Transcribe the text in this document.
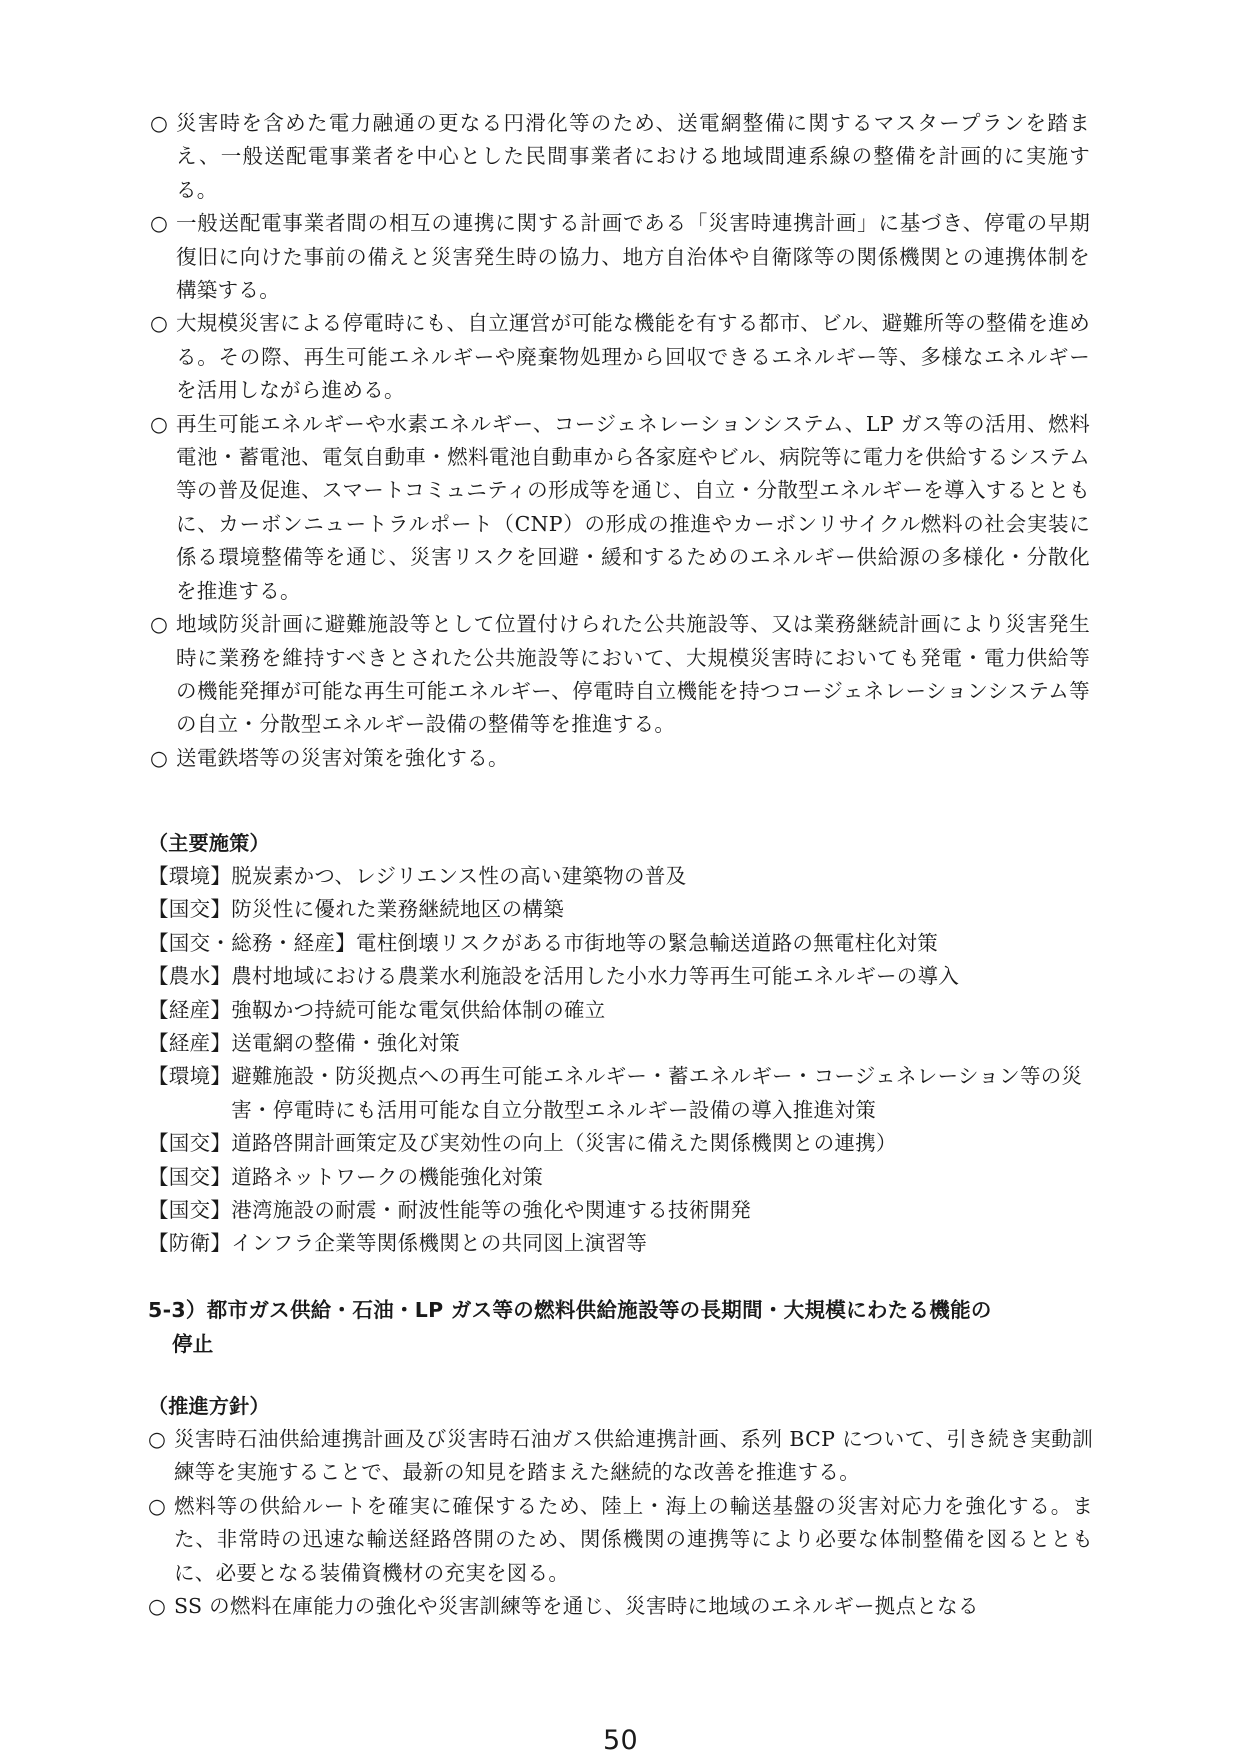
○ 災害時を含めた電力融通の更なる円滑化等のため、送電網整備に関するマスタープランを踏まえ、一般送配電事業者を中心とした民間事業者における地域間連系線の整備を計画的に実施する。

○ 一般送配電事業者間の相互の連携に関する計画である「災害時連携計画」に基づき、停電の早期復旧に向けた事前の備えと災害発生時の協力、地方自治体や自衛隊等の関係機関との連携体制を構築する。

○ 大規模災害による停電時にも、自立運営が可能な機能を有する都市、ビル、避難所等の整備を進める。その際、再生可能エネルギーや廃棄物処理から回収できるエネルギー等、多様なエネルギーを活用しながら進める。

○ 再生可能エネルギーや水素エネルギー、コージェネレーションシステム、LP ガス等の活用、燃料電池・蓄電池、電気自動車・燃料電池自動車から各家庭やビル、病院等に電力を供給するシステム等の普及促進、スマートコミュニティの形成等を通じ、自立・分散型エネルギーを導入するとともに、カーボンニュートラルポート（CNP）の形成の推進やカーボンリサイクル燃料の社会実装に係る環境整備等を通じ、災害リスクを回避・緩和するためのエネルギー供給源の多様化・分散化を推進する。

○ 地域防災計画に避難施設等として位置付けられた公共施設等、又は業務継続計画により災害発生時に業務を維持すべきとされた公共施設等において、大規模災害時においても発電・電力供給等の機能発揮が可能な再生可能エネルギー、停電時自立機能を持つコージェネレーションシステム等の自立・分散型エネルギー設備の整備等を推進する。

○ 送電鉄塔等の災害対策を強化する。

（主要施策）

【環境】 脱炭素かつ、レジリエンス性の高い建築物の普及
【国交】 防災性に優れた業務継続地区の構築
【国交・総務・経産】 電柱倒壊リスクがある市街地等の緊急輸送道路の無電柱化対策
【農水】 農村地域における農業水利施設を活用した小水力等再生可能エネルギーの導入
【経産】 強靱かつ持続可能な電気供給体制の確立
【経産】 送電網の整備・強化対策
【環境】 避難施設・防災拠点への再生可能エネルギー・蓄エネルギー・コージェネレーション等の災害・停電時にも活用可能な自立分散型エネルギー設備の導入推進対策
【国交】 道路啓開計画策定及び実効性の向上（災害に備えた関係機関との連携）
【国交】 道路ネットワークの機能強化対策
【国交】 港湾施設の耐震・耐波性能等の強化や関連する技術開発
【防衛】 インフラ企業等関係機関との共同図上演習等
5-3）都市ガス供給・石油・LP ガス等の燃料供給施設等の長期間・大規模にわたる機能の
停止

（推進方針）

○ 災害時石油供給連携計画及び災害時石油ガス供給連携計画、系列 BCP について、引き続き実動訓練等を実施することで、最新の知見を踏まえた継続的な改善を推進する。

○ 燃料等の供給ルートを確実に確保するため、陸上・海上の輸送基盤の災害対応力を強化する。また、非常時の迅速な輸送経路啓開のため、関係機関の連携等により必要な体制整備を図るとともに、必要となる装備資機材の充実を図る。

○ SS の燃料在庫能力の強化や災害訓練等を通じ、災害時に地域のエネルギー拠点となる

50
